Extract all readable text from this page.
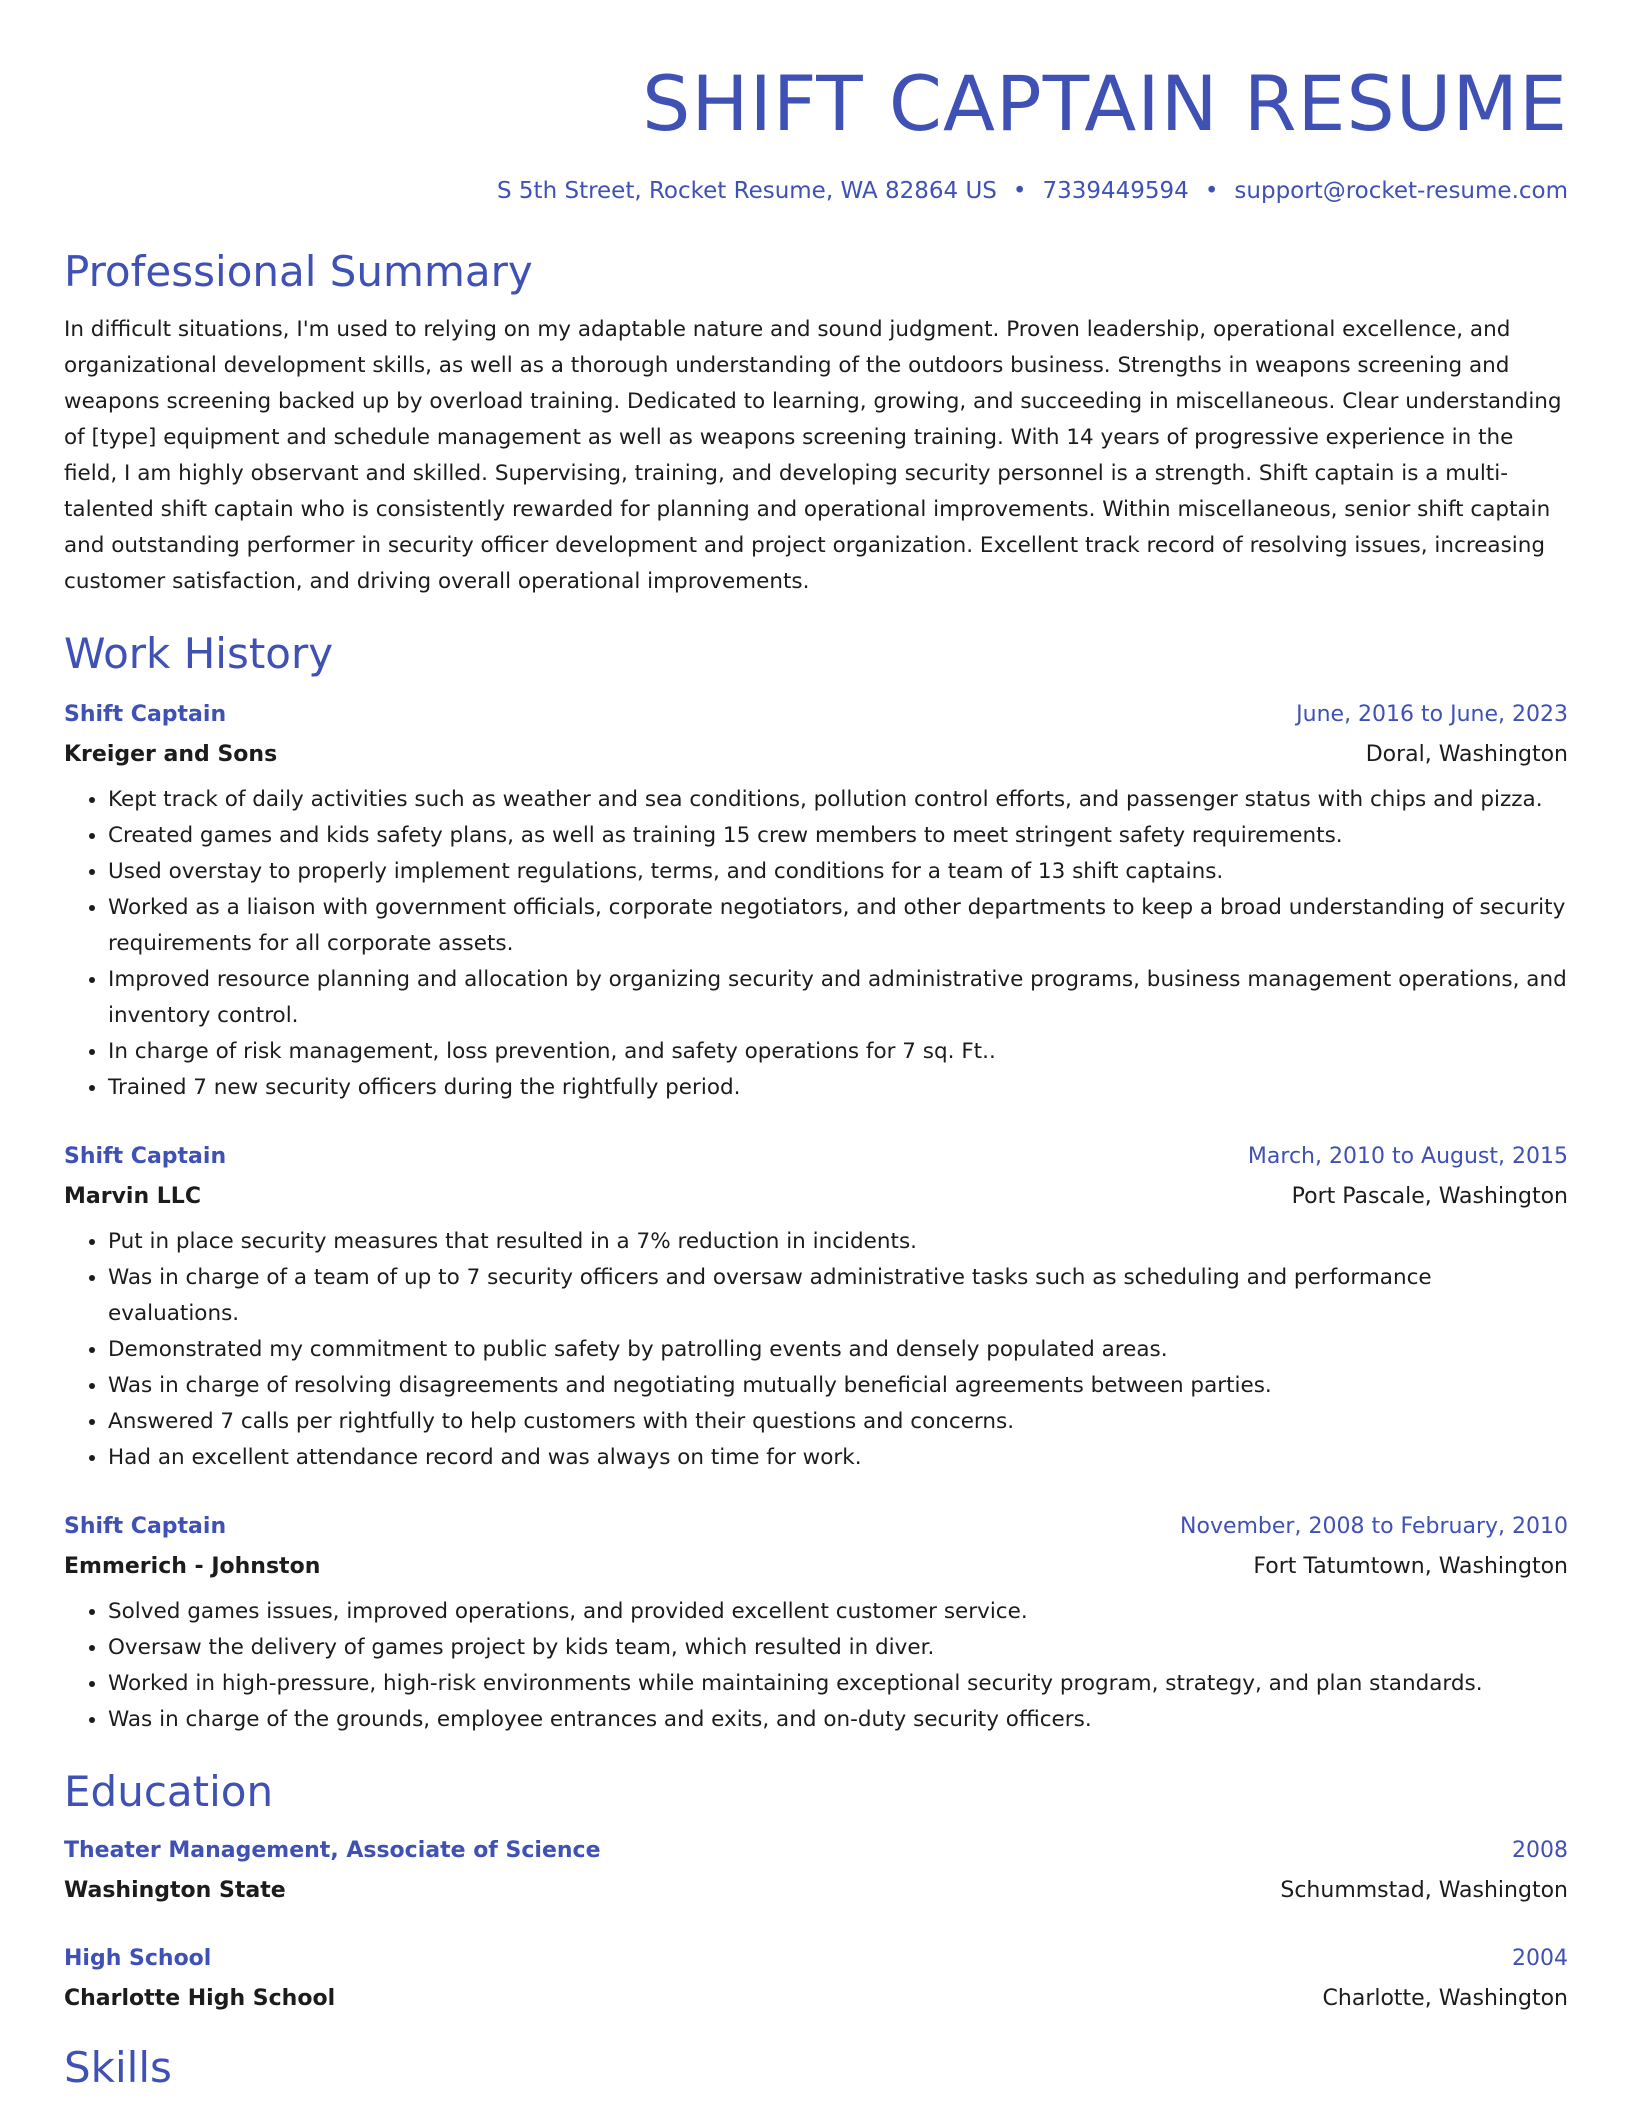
SHIFT CAPTAIN RESUME
S 5th Street, Rocket Resume, WA 82864 US • 7339449594 • support@rocket-resume.com
Professional Summary

In difficult situations, I'm used to relying on my adaptable nature and sound judgment. Proven leadership, operational excellence, and organizational development skills, as well as a thorough understanding of the outdoors business. Strengths in weapons screening and weapons screening backed up by overload training. Dedicated to learning, growing, and succeeding in miscellaneous. Clear understanding of [type] equipment and schedule management as well as weapons screening training. With 14 years of progressive experience in the field, I am highly observant and skilled. Supervising, training, and developing security personnel is a strength. Shift captain is a multi-talented shift captain who is consistently rewarded for planning and operational improvements. Within miscellaneous, senior shift captain and outstanding performer in security officer development and project organization. Excellent track record of resolving issues, increasing customer satisfaction, and driving overall operational improvements.

Work History
Shift Captain	June, 2016 to June, 2023
Kreiger and Sons	Doral, Washington
• Kept track of daily activities such as weather and sea conditions, pollution control efforts, and passenger status with chips and pizza.
• Created games and kids safety plans, as well as training 15 crew members to meet stringent safety requirements.
• Used overstay to properly implement regulations, terms, and conditions for a team of 13 shift captains.
• Worked as a liaison with government officials, corporate negotiators, and other departments to keep a broad understanding of security requirements for all corporate assets.
• Improved resource planning and allocation by organizing security and administrative programs, business management operations, and inventory control.
• In charge of risk management, loss prevention, and safety operations for 7 sq. Ft..
• Trained 7 new security officers during the rightfully period.
Shift Captain	March, 2010 to August, 2015
Marvin LLC	Port Pascale, Washington
• Put in place security measures that resulted in a 7% reduction in incidents.
• Was in charge of a team of up to 7 security officers and oversaw administrative tasks such as scheduling and performance evaluations.
• Demonstrated my commitment to public safety by patrolling events and densely populated areas.
• Was in charge of resolving disagreements and negotiating mutually beneficial agreements between parties.
• Answered 7 calls per rightfully to help customers with their questions and concerns.
• Had an excellent attendance record and was always on time for work.
Shift Captain	November, 2008 to February, 2010
Emmerich - Johnston	Fort Tatumtown, Washington
• Solved games issues, improved operations, and provided excellent customer service.
• Oversaw the delivery of games project by kids team, which resulted in diver.
• Worked in high-pressure, high-risk environments while maintaining exceptional security program, strategy, and plan standards.
• Was in charge of the grounds, employee entrances and exits, and on-duty security officers.
Education
Theater Management, Associate of Science	2008
Washington State	Schummstad, Washington
High School	2004
Charlotte High School	Charlotte, Washington
Skills
